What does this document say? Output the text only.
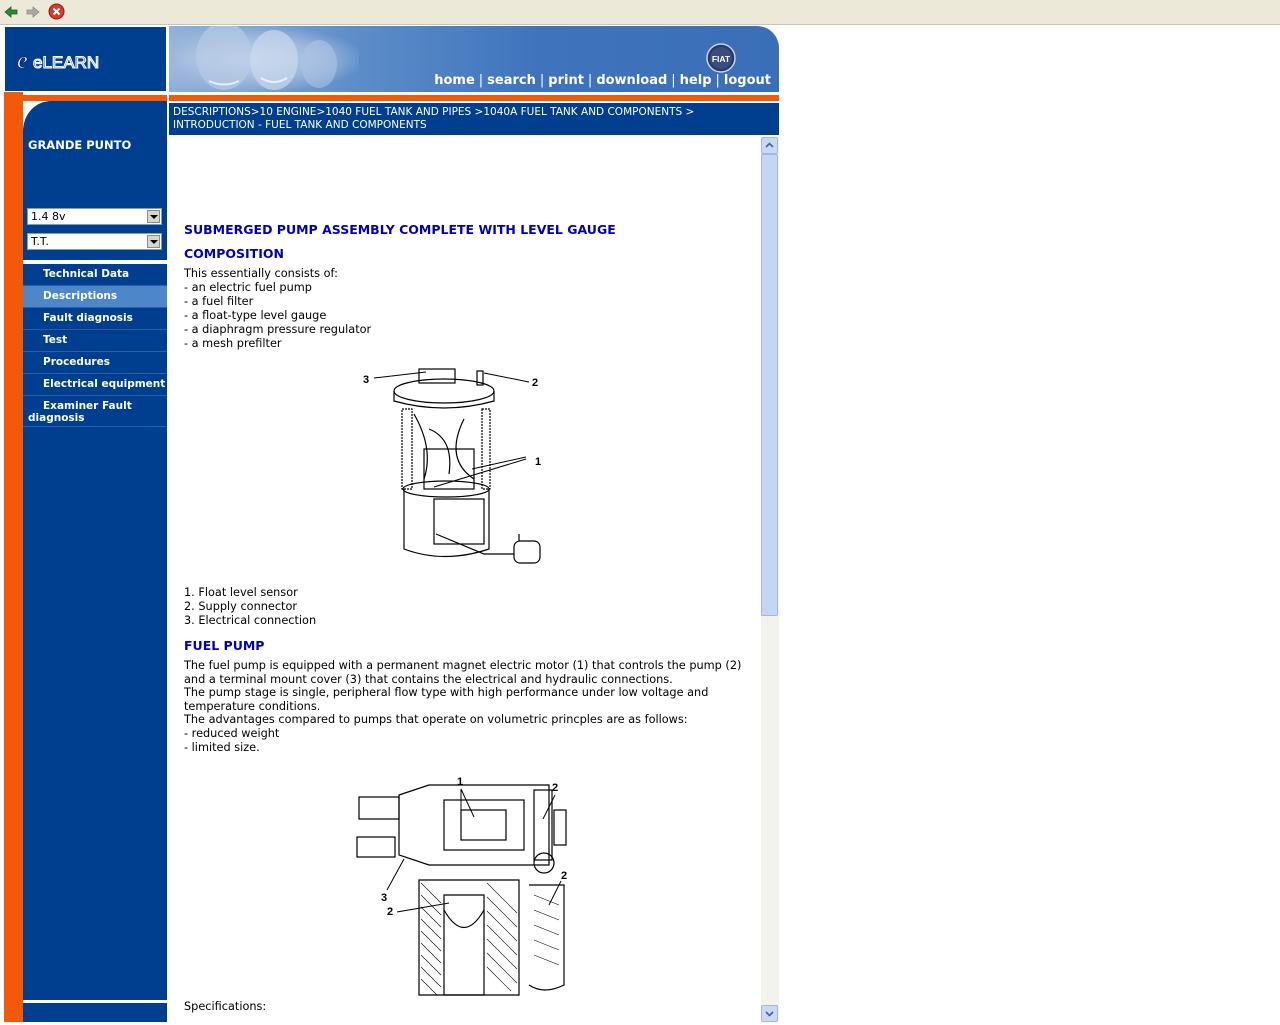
e eLEARN	FIAT
home | search | print | download | help | logout
GRANDE PUNTO
1.4 8v
T.T.
Technical Data
Descriptions
Fault diagnosis
Test
Procedures
Electrical equipment
Examiner Fault diagnosis
DESCRIPTIONS>10 ENGINE>1040 FUEL TANK AND PIPES >1040A FUEL TANK AND COMPONENTS >
INTRODUCTION - FUEL TANK AND COMPONENTS
SUBMERGED PUMP ASSEMBLY COMPLETE WITH LEVEL GAUGE
COMPOSITION
This essentially consists of:
- an electric fuel pump
- a fuel filter
- a float-type level gauge
- a diaphragm pressure regulator
- a mesh prefilter
3	2
1
1. Float level sensor
2. Supply connector
3. Electrical connection
FUEL PUMP
The fuel pump is equipped with a permanent magnet electric motor (1) that controls the pump (2) and a terminal mount cover (3) that contains the electrical and hydraulic connections.
The pump stage is single, peripheral flow type with high performance under low voltage and temperature conditions.
The advantages compared to pumps that operate on volumetric princples are as follows:
- reduced weight
- limited size.
1	2
3
2
2
Specifications:
